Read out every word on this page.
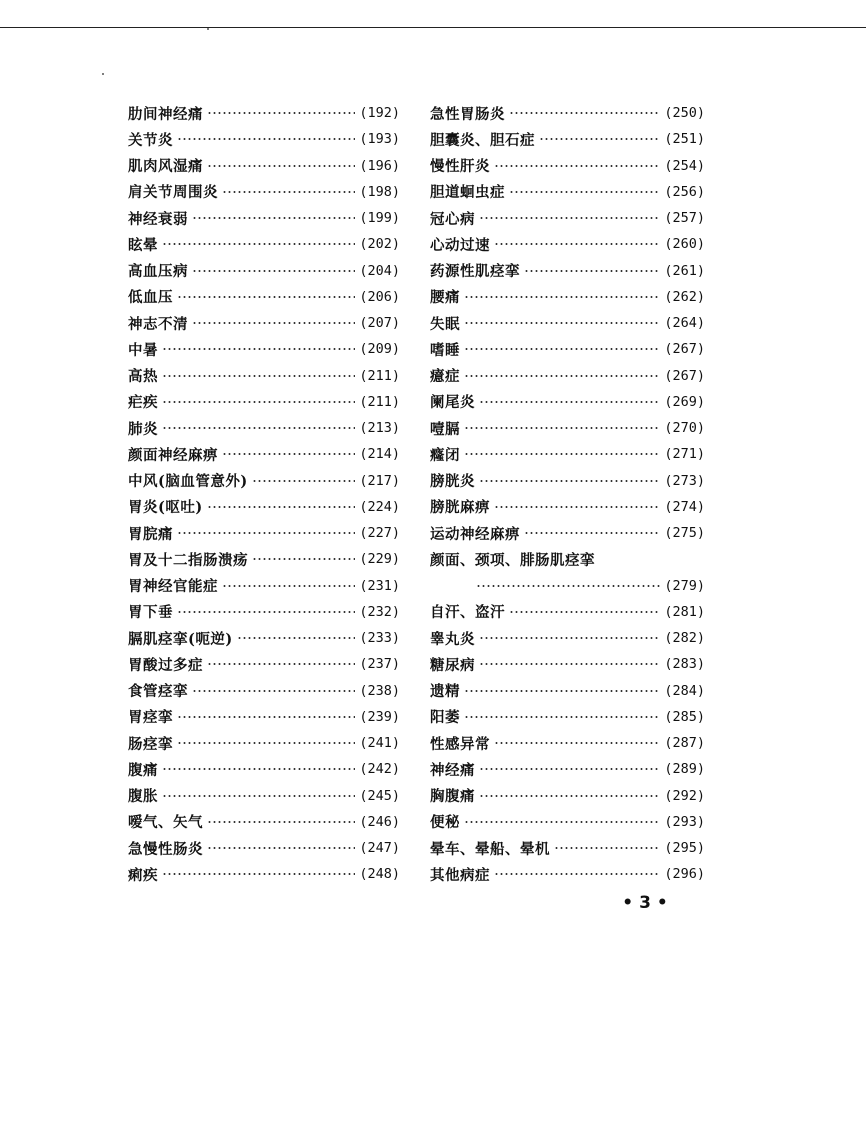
肋间神经痛	(192)
关节炎	(193)
肌肉风湿痛	(196)
肩关节周围炎	(198)
神经衰弱	(199)
眩晕	(202)
高血压病	(204)
低血压	(206)
神志不清	(207)
中暑	(209)
高热	(211)
疟疾	(211)
肺炎	(213)
颜面神经麻痹	(214)
中风(脑血管意外)	(217)
胃炎(呕吐)	(224)
胃脘痛	(227)
胃及十二指肠溃疡	(229)
胃神经官能症	(231)
胃下垂	(232)
膈肌痉挛(呃逆)	(233)
胃酸过多症	(237)
食管痉挛	(238)
胃痉挛	(239)
肠痉挛	(241)
腹痛	(242)
腹胀	(245)
嗳气、矢气	(246)
急慢性肠炎	(247)
痢疾	(248)
急性胃肠炎	(250)
胆囊炎、胆石症	(251)
慢性肝炎	(254)
胆道蛔虫症	(256)
冠心病	(257)
心动过速	(260)
药源性肌痉挛	(261)
腰痛	(262)
失眠	(264)
嗜睡	(267)
癔症	(267)
阑尾炎	(269)
噎膈	(270)
癃闭	(271)
膀胱炎	(273)
膀胱麻痹	(274)
运动神经麻痹	(275)
颜面、颈项、腓肠肌痉挛
(279)
自汗、盗汗	(281)
睾丸炎	(282)
糖尿病	(283)
遗精	(284)
阳萎	(285)
性感异常	(287)
神经痛	(289)
胸腹痛	(292)
便秘	(293)
晕车、晕船、晕机	(295)
其他病症	(296)
• 3 •
